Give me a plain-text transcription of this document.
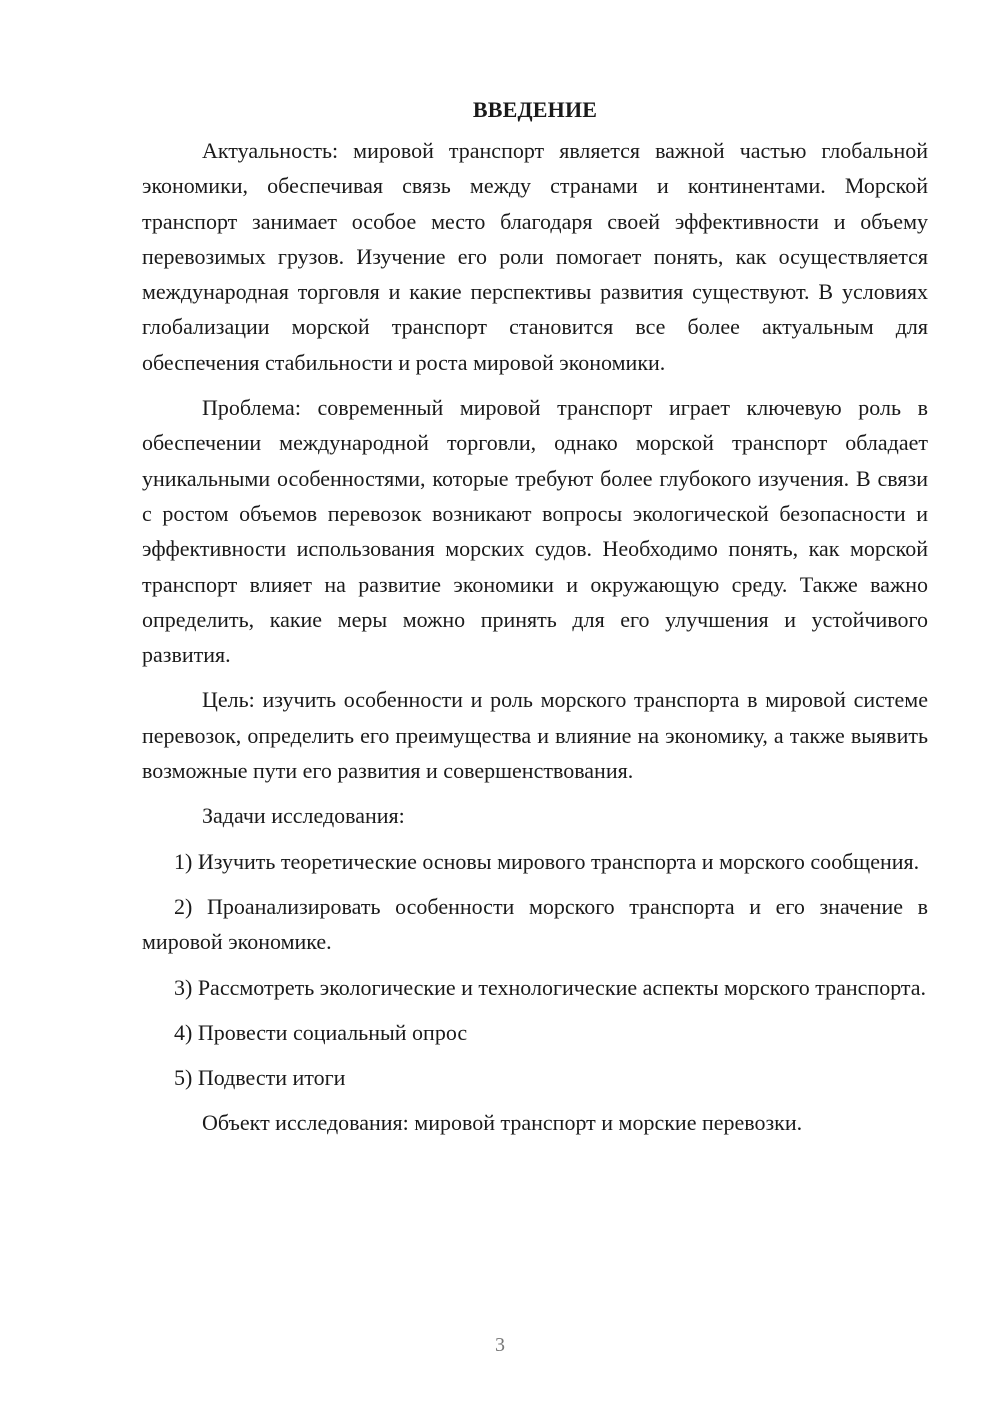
ВВЕДЕНИЕ

Актуальность: мировой транспорт является важной частью глобальной экономики, обеспечивая связь между странами и континентами. Морской транспорт занимает особое место благодаря своей эффективности и объему перевозимых грузов. Изучение его роли помогает понять, как осуществляется международная торговля и какие перспективы развития существуют. В условиях глобализации морской транспорт становится все более актуальным для обеспечения стабильности и роста мировой экономики.

Проблема: современный мировой транспорт играет ключевую роль в обеспечении международной торговли, однако морской транспорт обладает уникальными особенностями, которые требуют более глубокого изучения. В связи с ростом объемов перевозок возникают вопросы экологической безопасности и эффективности использования морских судов. Необходимо понять, как морской транспорт влияет на развитие экономики и окружающую среду. Также важно определить, какие меры можно принять для его улучшения и устойчивого развития.

Цель: изучить особенности и роль морского транспорта в мировой системе перевозок, определить его преимущества и влияние на экономику, а также выявить возможные пути его развития и совершенствования.

Задачи исследования:

1) Изучить теоретические основы мирового транспорта и морского сообщения.

2) Проанализировать особенности морского транспорта и его значение в мировой экономике.

3) Рассмотреть экологические и технологические аспекты морского транспорта.

4) Провести социальный опрос

5) Подвести итоги

Объект исследования: мировой транспорт и морские перевозки.

3
